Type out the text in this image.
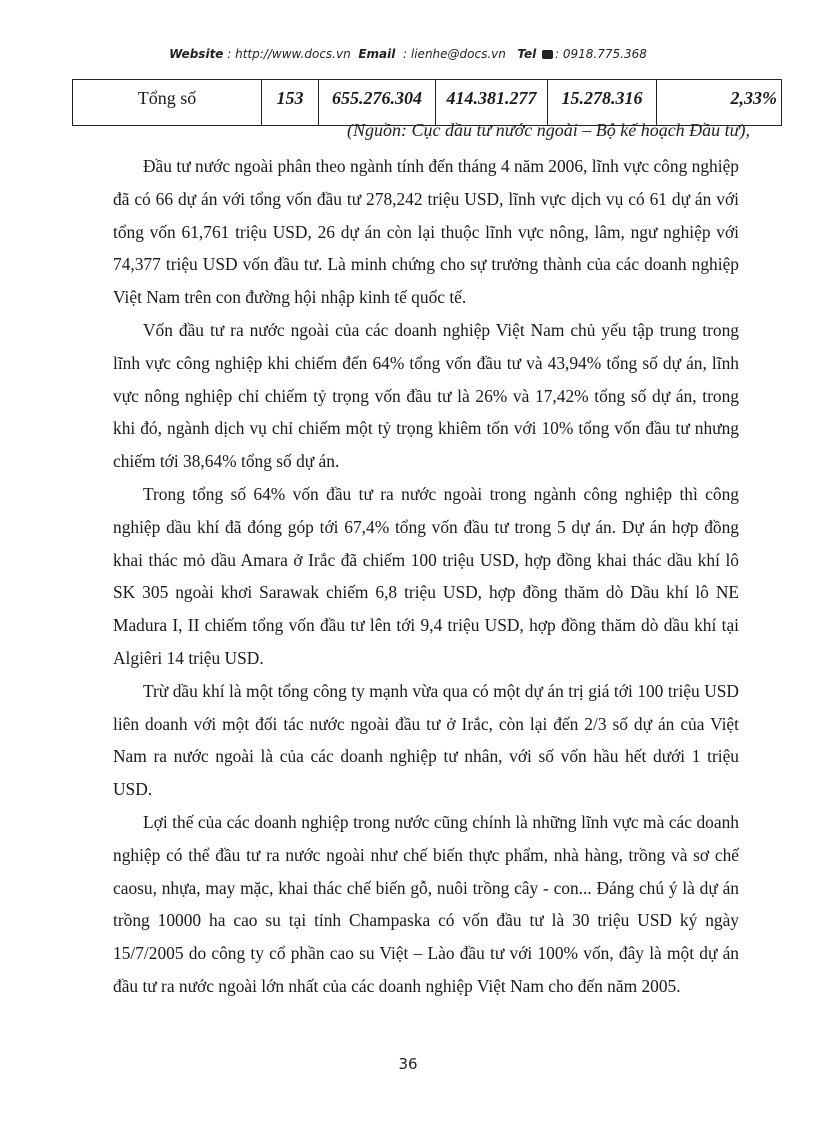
Website : http://www.docs.vn Email : lienhe@docs.vn Tel : 0918.775.368
Tổng số	153	655.276.304	414.381.277	15.278.316	2,33%
(Nguồn: Cục đầu tư nước ngoài – Bộ kế hoạch Đầu tư),

Đầu tư nước ngoài phân theo ngành tính đến tháng 4 năm 2006, lĩnh vực công nghiệp đã có 66 dự án với tổng vốn đầu tư 278,242 triệu USD, lĩnh vực dịch vụ có 61 dự án với tổng vốn 61,761 triệu USD, 26 dự án còn lại thuộc lĩnh vực nông, lâm, ngư nghiệp với 74,377 triệu USD vốn đầu tư. Là minh chứng cho sự trưởng thành của các doanh nghiệp Việt Nam trên con đường hội nhập kinh tế quốc tế.

Vốn đầu tư ra nước ngoài của các doanh nghiệp Việt Nam chủ yếu tập trung trong lĩnh vực công nghiệp khi chiếm đến 64% tổng vốn đầu tư và 43,94% tổng số dự án, lĩnh vực nông nghiệp chỉ chiếm tỷ trọng vốn đầu tư là 26% và 17,42% tổng số dự án, trong khi đó, ngành dịch vụ chỉ chiếm một tỷ trọng khiêm tốn với 10% tổng vốn đầu tư nhưng chiếm tới 38,64% tổng số dự án.

Trong tổng số 64% vốn đầu tư ra nước ngoài trong ngành công nghiệp thì công nghiệp dầu khí đã đóng góp tới 67,4% tổng vốn đầu tư trong 5 dự án. Dự án hợp đồng khai thác mỏ dầu Amara ở Irắc đã chiếm 100 triệu USD, hợp đồng khai thác dầu khí lô SK 305 ngoài khơi Sarawak chiếm 6,8 triệu USD, hợp đồng thăm dò Dầu khí lô NE Madura I, II chiếm tổng vốn đầu tư lên tới 9,4 triệu USD, hợp đồng thăm dò dầu khí tại Algiêri 14 triệu USD.

Trừ dầu khí là một tổng công ty mạnh vừa qua có một dự án trị giá tới 100 triệu USD liên doanh với một đối tác nước ngoài đầu tư ở Irắc, còn lại đến 2/3 số dự án của Việt Nam ra nước ngoài là của các doanh nghiệp tư nhân, với số vốn hầu hết dưới 1 triệu USD.

Lợi thế của các doanh nghiệp trong nước cũng chính là những lĩnh vực mà các doanh nghiệp có thể đầu tư ra nước ngoài như chế biến thực phẩm, nhà hàng, trồng và sơ chế caosu, nhựa, may mặc, khai thác chế biến gỗ, nuôi trồng cây - con... Đáng chú ý là dự án trồng 10000 ha cao su tại tỉnh Champaska có vốn đầu tư là 30 triệu USD ký ngày 15/7/2005 do công ty cổ phần cao su Việt – Lào đầu tư với 100% vốn, đây là một dự án đầu tư ra nước ngoài lớn nhất của các doanh nghiệp Việt Nam cho đến năm 2005.

36
